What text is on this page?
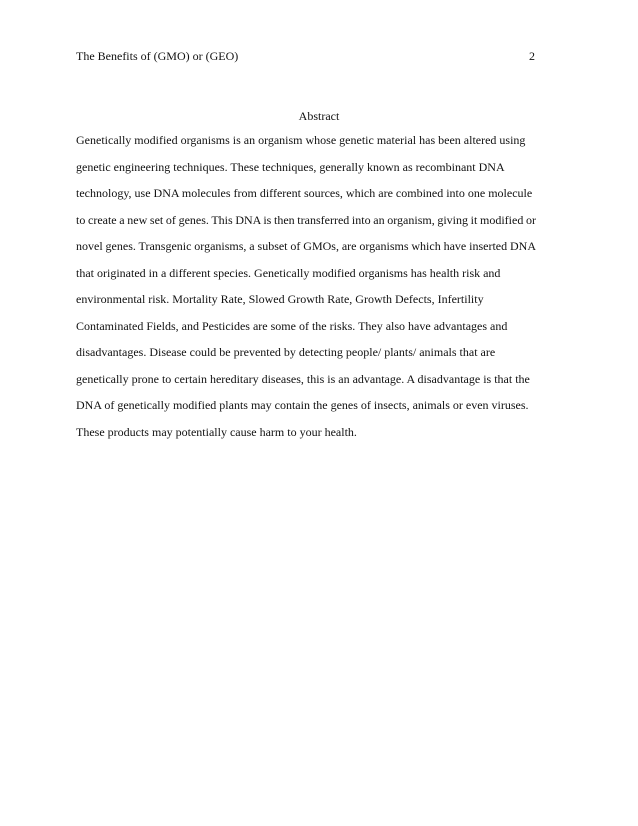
The Benefits of (GMO) or (GEO)	2
Abstract
Genetically modified organisms is an organism whose genetic material has been altered using
genetic engineering techniques. These techniques, generally known as recombinant DNA
technology, use DNA molecules from different sources, which are combined into one molecule
to create a new set of genes. This DNA is then transferred into an organism, giving it modified or
novel genes. Transgenic organisms, a subset of GMOs, are organisms which have inserted DNA
that originated in a different species. Genetically modified organisms has health risk and
environmental risk. Mortality Rate, Slowed Growth Rate, Growth Defects, Infertility
Contaminated Fields, and Pesticides are some of the risks. They also have advantages and
disadvantages. Disease could be prevented by detecting people/ plants/ animals that are
genetically prone to certain hereditary diseases, this is an advantage. A disadvantage is that the
DNA of genetically modified plants may contain the genes of insects, animals or even viruses.
These products may potentially cause harm to your health.
